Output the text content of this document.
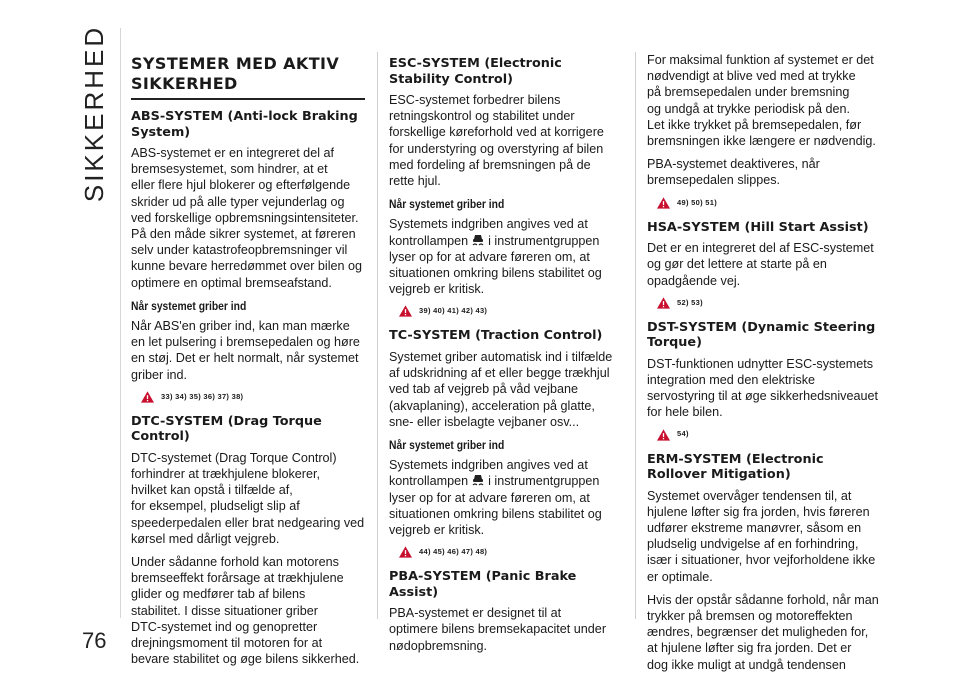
SIKKERHED
76
SYSTEMER MED AKTIV SIKKERHED
ABS-SYSTEM (Anti-lock Braking System)

ABS-systemet er en integreret del af
bremsesystemet, som hindrer, at et
eller flere hjul blokerer og efterfølgende
skrider ud på alle typer vejunderlag og
ved forskellige opbremsningsintensiteter.
På den måde sikrer systemet, at føreren
selv under katastrofeopbremsninger vil
kunne bevare herredømmet over bilen og
optimere en optimal bremseafstand.

Når systemet griber ind

Når ABS'en griber ind, kan man mærke
en let pulsering i bremsepedalen og høre
en støj. Det er helt normalt, når systemet
griber ind.

33) 34) 35) 36) 37) 38)
DTC-SYSTEM (Drag Torque Control)

DTC-systemet (Drag Torque Control)
forhindrer at trækhjulene blokerer,
hvilket kan opstå i tilfælde af,
for eksempel, pludseligt slip af
speederpedalen eller brat nedgearing ved
kørsel med dårligt vejgreb.

Under sådanne forhold kan motorens
bremseeffekt forårsage at trækhjulene
glider og medfører tab af bilens
stabilitet. I disse situationer griber
DTC-systemet ind og genopretter
drejningsmoment til motoren for at
bevare stabilitet og øge bilens sikkerhed.

ESC-SYSTEM (Electronic Stability Control)

ESC-systemet forbedrer bilens
retningskontrol og stabilitet under
forskellige køreforhold ved at korrigere
for understyring og overstyring af bilen
med fordeling af bremsningen på de
rette hjul.

Når systemet griber ind

Systemets indgriben angives ved at
kontrollampen i instrumentgruppen
lyser op for at advare føreren om, at
situationen omkring bilens stabilitet og
vejgreb er kritisk.

39) 40) 41) 42) 43)
TC-SYSTEM (Traction Control)

Systemet griber automatisk ind i tilfælde
af udskridning af et eller begge trækhjul
ved tab af vejgreb på våd vejbane
(akvaplaning), acceleration på glatte,
sne- eller isbelagte vejbaner osv...

Når systemet griber ind

Systemets indgriben angives ved at
kontrollampen i instrumentgruppen
lyser op for at advare føreren om, at
situationen omkring bilens stabilitet og
vejgreb er kritisk.

44) 45) 46) 47) 48)
PBA-SYSTEM (Panic Brake Assist)

PBA-systemet er designet til at
optimere bilens bremsekapacitet under
nødopbremsning.

For maksimal funktion af systemet er det
nødvendigt at blive ved med at trykke
på bremsepedalen under bremsning
og undgå at trykke periodisk på den.
Let ikke trykket på bremsepedalen, før
bremsningen ikke længere er nødvendig.

PBA-systemet deaktiveres, når
bremsepedalen slippes.

49) 50) 51)
HSA-SYSTEM (Hill Start Assist)

Det er en integreret del af ESC-systemet
og gør det lettere at starte på en
opadgående vej.

52) 53)
DST-SYSTEM (Dynamic Steering Torque)

DST-funktionen udnytter ESC-systemets
integration med den elektriske
servostyring til at øge sikkerhedsniveauet
for hele bilen.

54)
ERM-SYSTEM (Electronic Rollover Mitigation)

Systemet overvåger tendensen til, at
hjulene løfter sig fra jorden, hvis føreren
udfører ekstreme manøvrer, såsom en
pludselig undvigelse af en forhindring,
især i situationer, hvor vejforholdene ikke
er optimale.

Hvis der opstår sådanne forhold, når man
trykker på bremsen og motoreffekten
ændres, begrænser det muligheden for,
at hjulene løfter sig fra jorden. Det er
dog ikke muligt at undgå tendensen
